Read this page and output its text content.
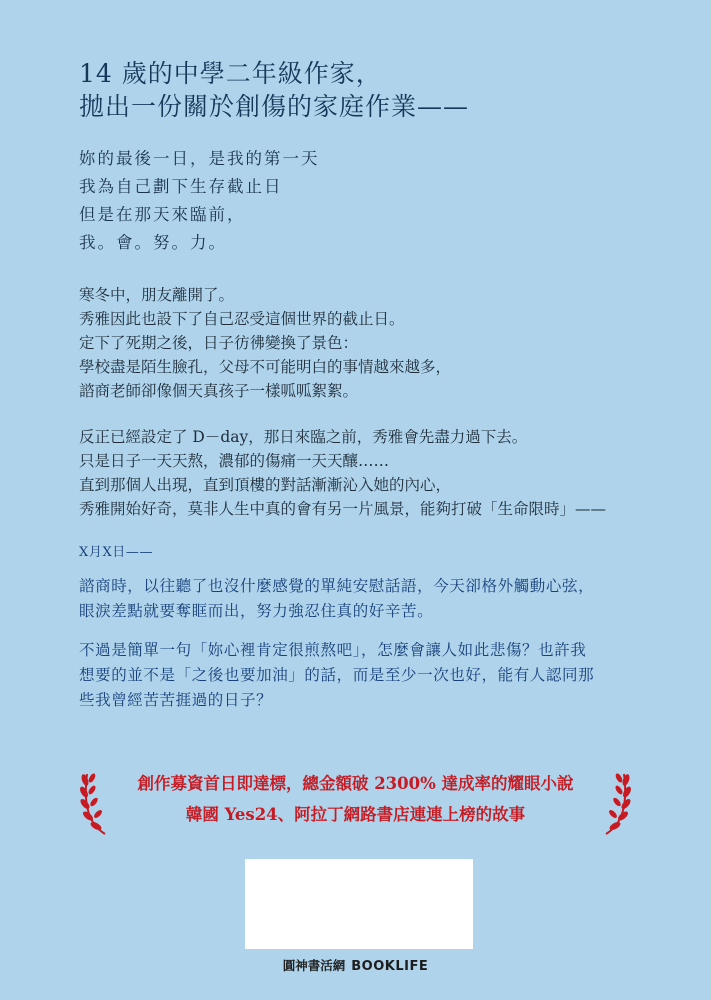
14 歲的中學二年級作家，
拋出一份關於創傷的家庭作業——
妳的最後一日，是我的第一天
我為自己劃下生存截止日
但是在那天來臨前，
我。會。努。力。
寒冬中，朋友離開了。
秀雅因此也設下了自己忍受這個世界的截止日。
定下了死期之後，日子彷彿變換了景色：
學校盡是陌生臉孔，父母不可能明白的事情越來越多，
諮商老師卻像個天真孩子一樣呱呱絮絮。
反正已經設定了 D－day，那日來臨之前，秀雅會先盡力過下去。
只是日子一天天熬，濃郁的傷痛一天天釀……
直到那個人出現，直到頂樓的對話漸漸沁入她的內心，
秀雅開始好奇，莫非人生中真的會有另一片風景，能夠打破「生命限時」——
X月X日——
諮商時，以往聽了也沒什麼感覺的單純安慰話語，今天卻格外觸動心弦，
眼淚差點就要奪眶而出，努力強忍住真的好辛苦。
不過是簡單一句「妳心裡肯定很煎熬吧」，怎麼會讓人如此悲傷？也許我
想要的並不是「之後也要加油」的話，而是至少一次也好，能有人認同那
些我曾經苦苦捱過的日子？
創作募資首日即達標，總金額破 2300% 達成率的耀眼小說
韓國 Yes24、阿拉丁網路書店連連上榜的故事
圓神書活網 BOOKLIFE
